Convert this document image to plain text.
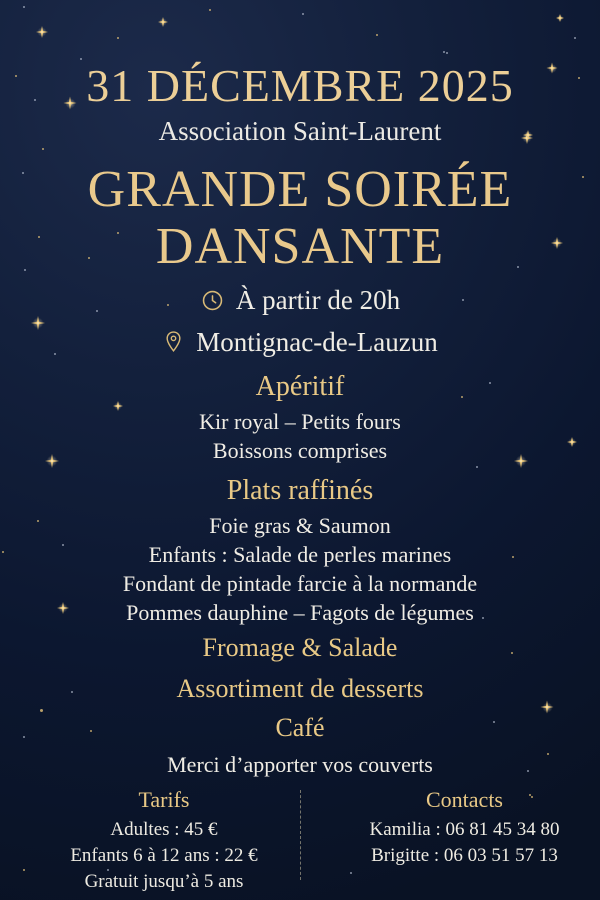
31 DÉCEMBRE 2025

Association Saint-Laurent

GRANDE SOIRÉE
DANSANTE
À partir de 20h
Montignac-de-Lauzun
Apéritif
Kir royal – Petits fours
Boissons comprises
Plats raffinés
Foie gras & Saumon
Enfants : Salade de perles marines
Fondant de pintade farcie à la normande
Pommes dauphine – Fagots de légumes

Fromage & Salade

Assortiment de desserts

Café

Merci d’apporter vos couverts

Tarifs
Adultes : 45 €
Enfants 6 à 12 ans : 22 €
Gratuit jusqu’à 5 ans
Contacts
Kamilia : 06 81 45 34 80
Brigitte : 06 03 51 57 13
